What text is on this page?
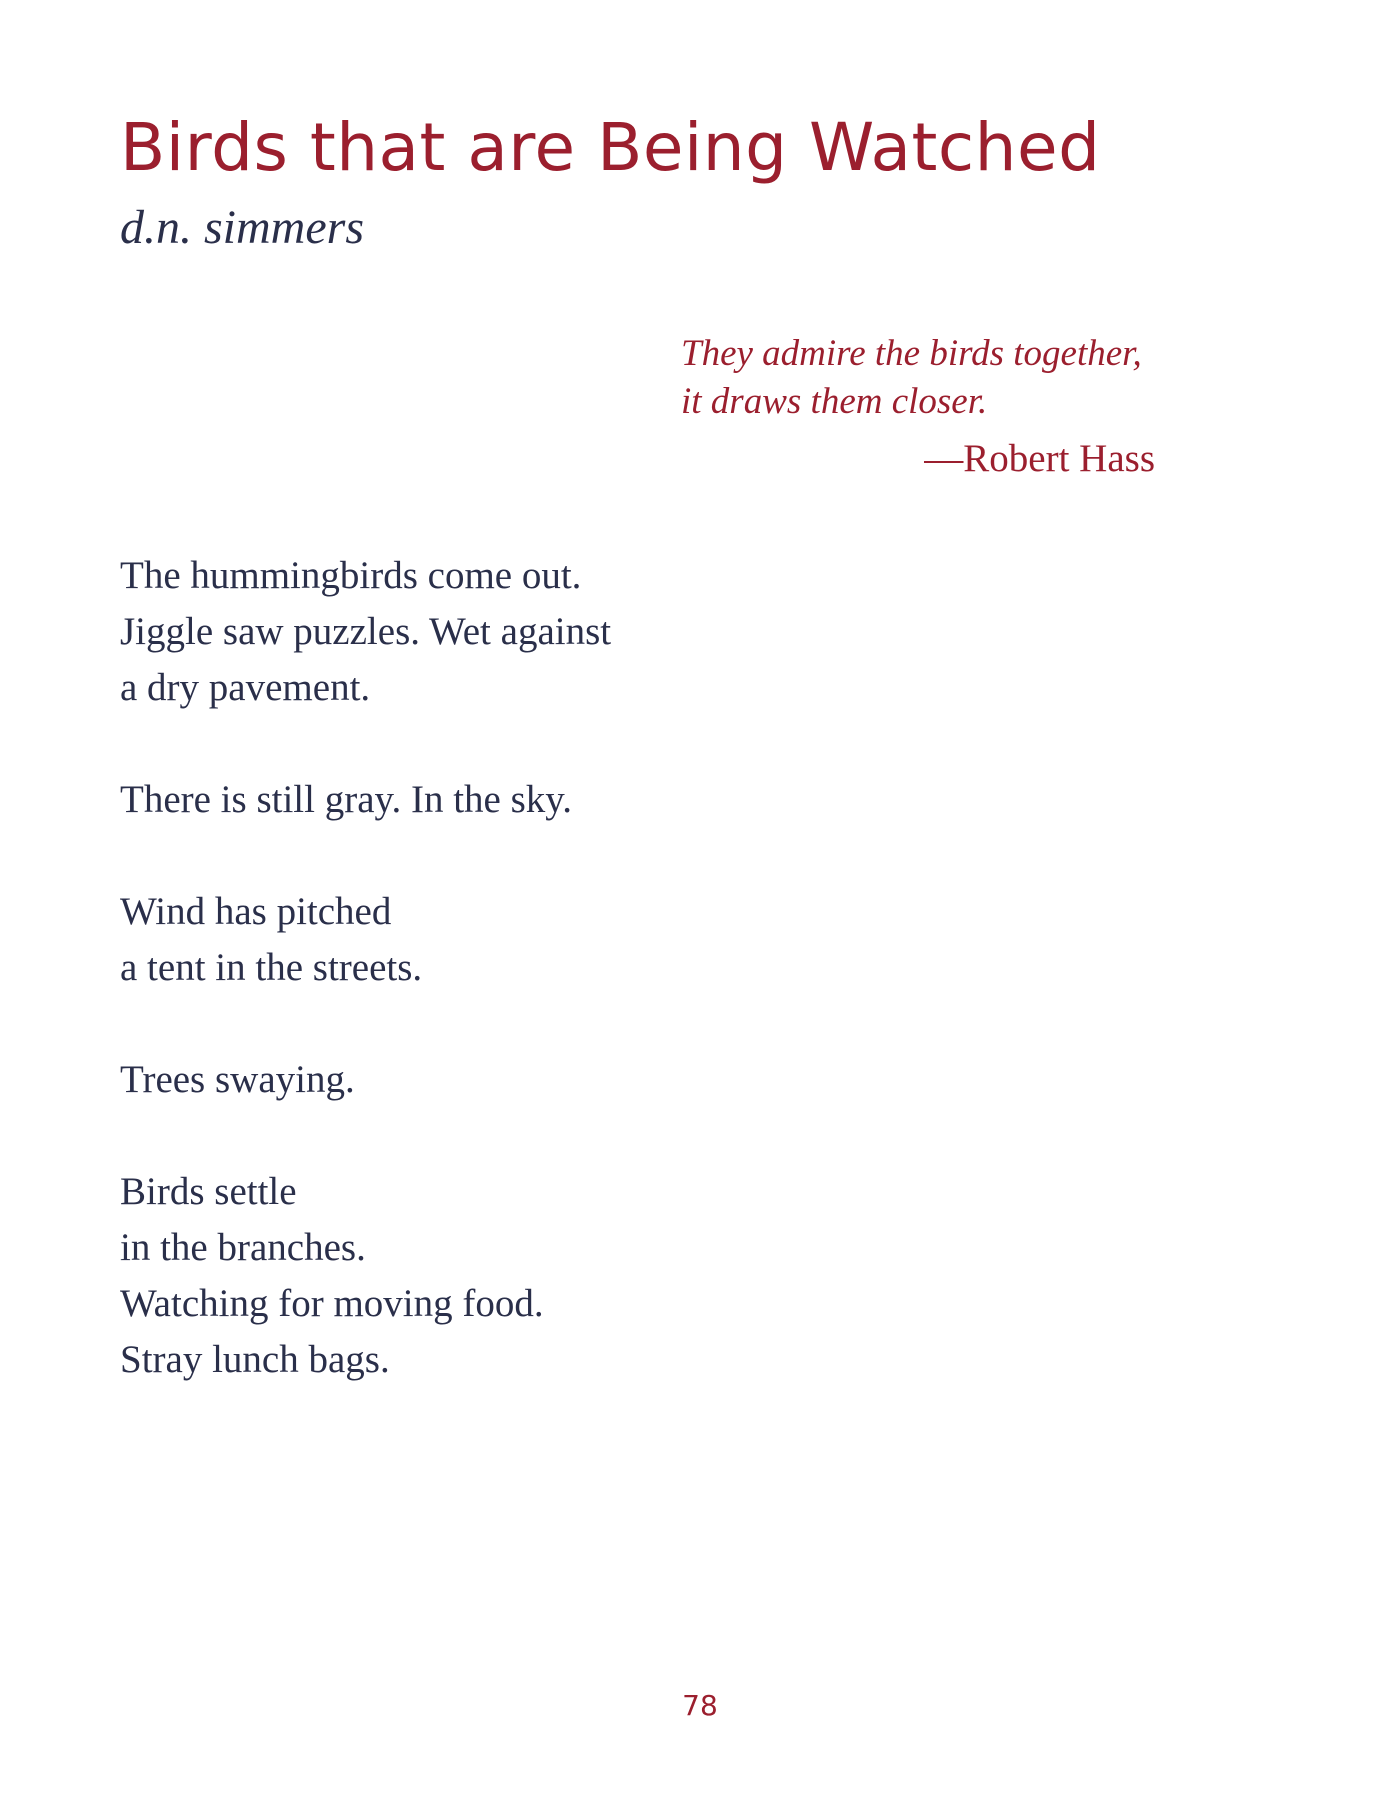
Birds that are Being Watched
d.n. simmers
They admire the birds together,
it draws them closer.
—Robert Hass
The hummingbirds come out.
Jiggle saw puzzles. Wet against
a dry pavement.
There is still gray. In the sky.
Wind has pitched
a tent in the streets.
Trees swaying.
Birds settle
in the branches.
Watching for moving food.
Stray lunch bags.
78
